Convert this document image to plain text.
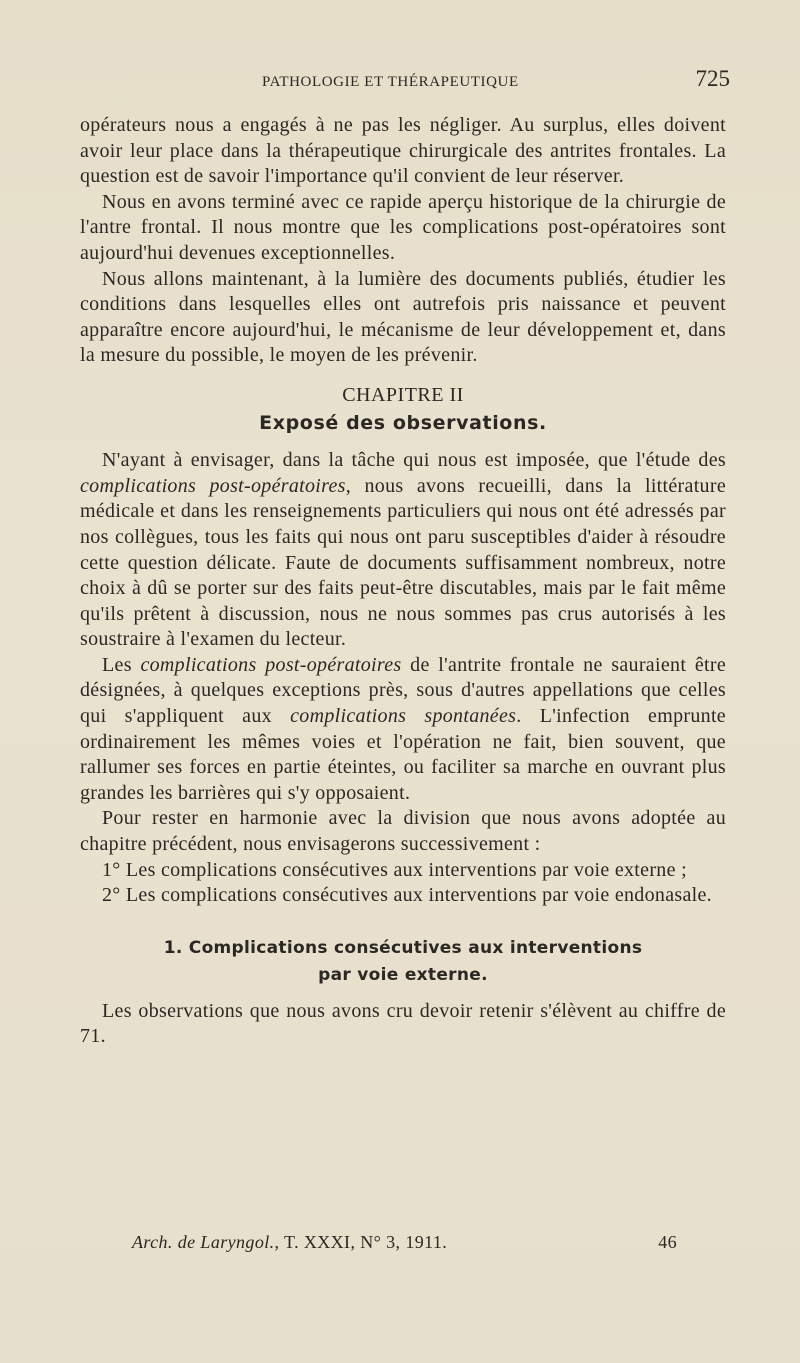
PATHOLOGIE ET THÉRAPEUTIQUE	725

opérateurs nous a engagés à ne pas les négliger. Au surplus, elles doivent avoir leur place dans la thérapeutique chirurgicale des antrites frontales. La question est de savoir l'importance qu'il convient de leur réserver.

Nous en avons terminé avec ce rapide aperçu historique de la chirurgie de l'antre frontal. Il nous montre que les complications post-opératoires sont aujourd'hui devenues exceptionnelles.

Nous allons maintenant, à la lumière des documents publiés, étudier les conditions dans lesquelles elles ont autrefois pris naissance et peuvent apparaître encore aujourd'hui, le mécanisme de leur développement et, dans la mesure du possible, le moyen de les prévenir.

CHAPITRE II

Exposé des observations.

N'ayant à envisager, dans la tâche qui nous est imposée, que l'étude des complications post-opératoires, nous avons recueilli, dans la littérature médicale et dans les renseignements particuliers qui nous ont été adressés par nos collègues, tous les faits qui nous ont paru susceptibles d'aider à résoudre cette question délicate. Faute de documents suffisamment nombreux, notre choix à dû se porter sur des faits peut-être discutables, mais par le fait même qu'ils prêtent à discussion, nous ne nous sommes pas crus autorisés à les soustraire à l'examen du lecteur.

Les complications post-opératoires de l'antrite frontale ne sauraient être désignées, à quelques exceptions près, sous d'autres appellations que celles qui s'appliquent aux complications spontanées. L'infection emprunte ordinairement les mêmes voies et l'opération ne fait, bien souvent, que rallumer ses forces en partie éteintes, ou faciliter sa marche en ouvrant plus grandes les barrières qui s'y opposaient.

Pour rester en harmonie avec la division que nous avons adoptée au chapitre précédent, nous envisagerons successivement :

1° Les complications consécutives aux interventions par voie externe ;

2° Les complications consécutives aux interventions par voie endonasale.

1. Complications consécutives aux interventions
par voie externe.

Les observations que nous avons cru devoir retenir s'élèvent au chiffre de 71.

Arch. de Laryngol., T. XXXI, N° 3, 1911.	46
